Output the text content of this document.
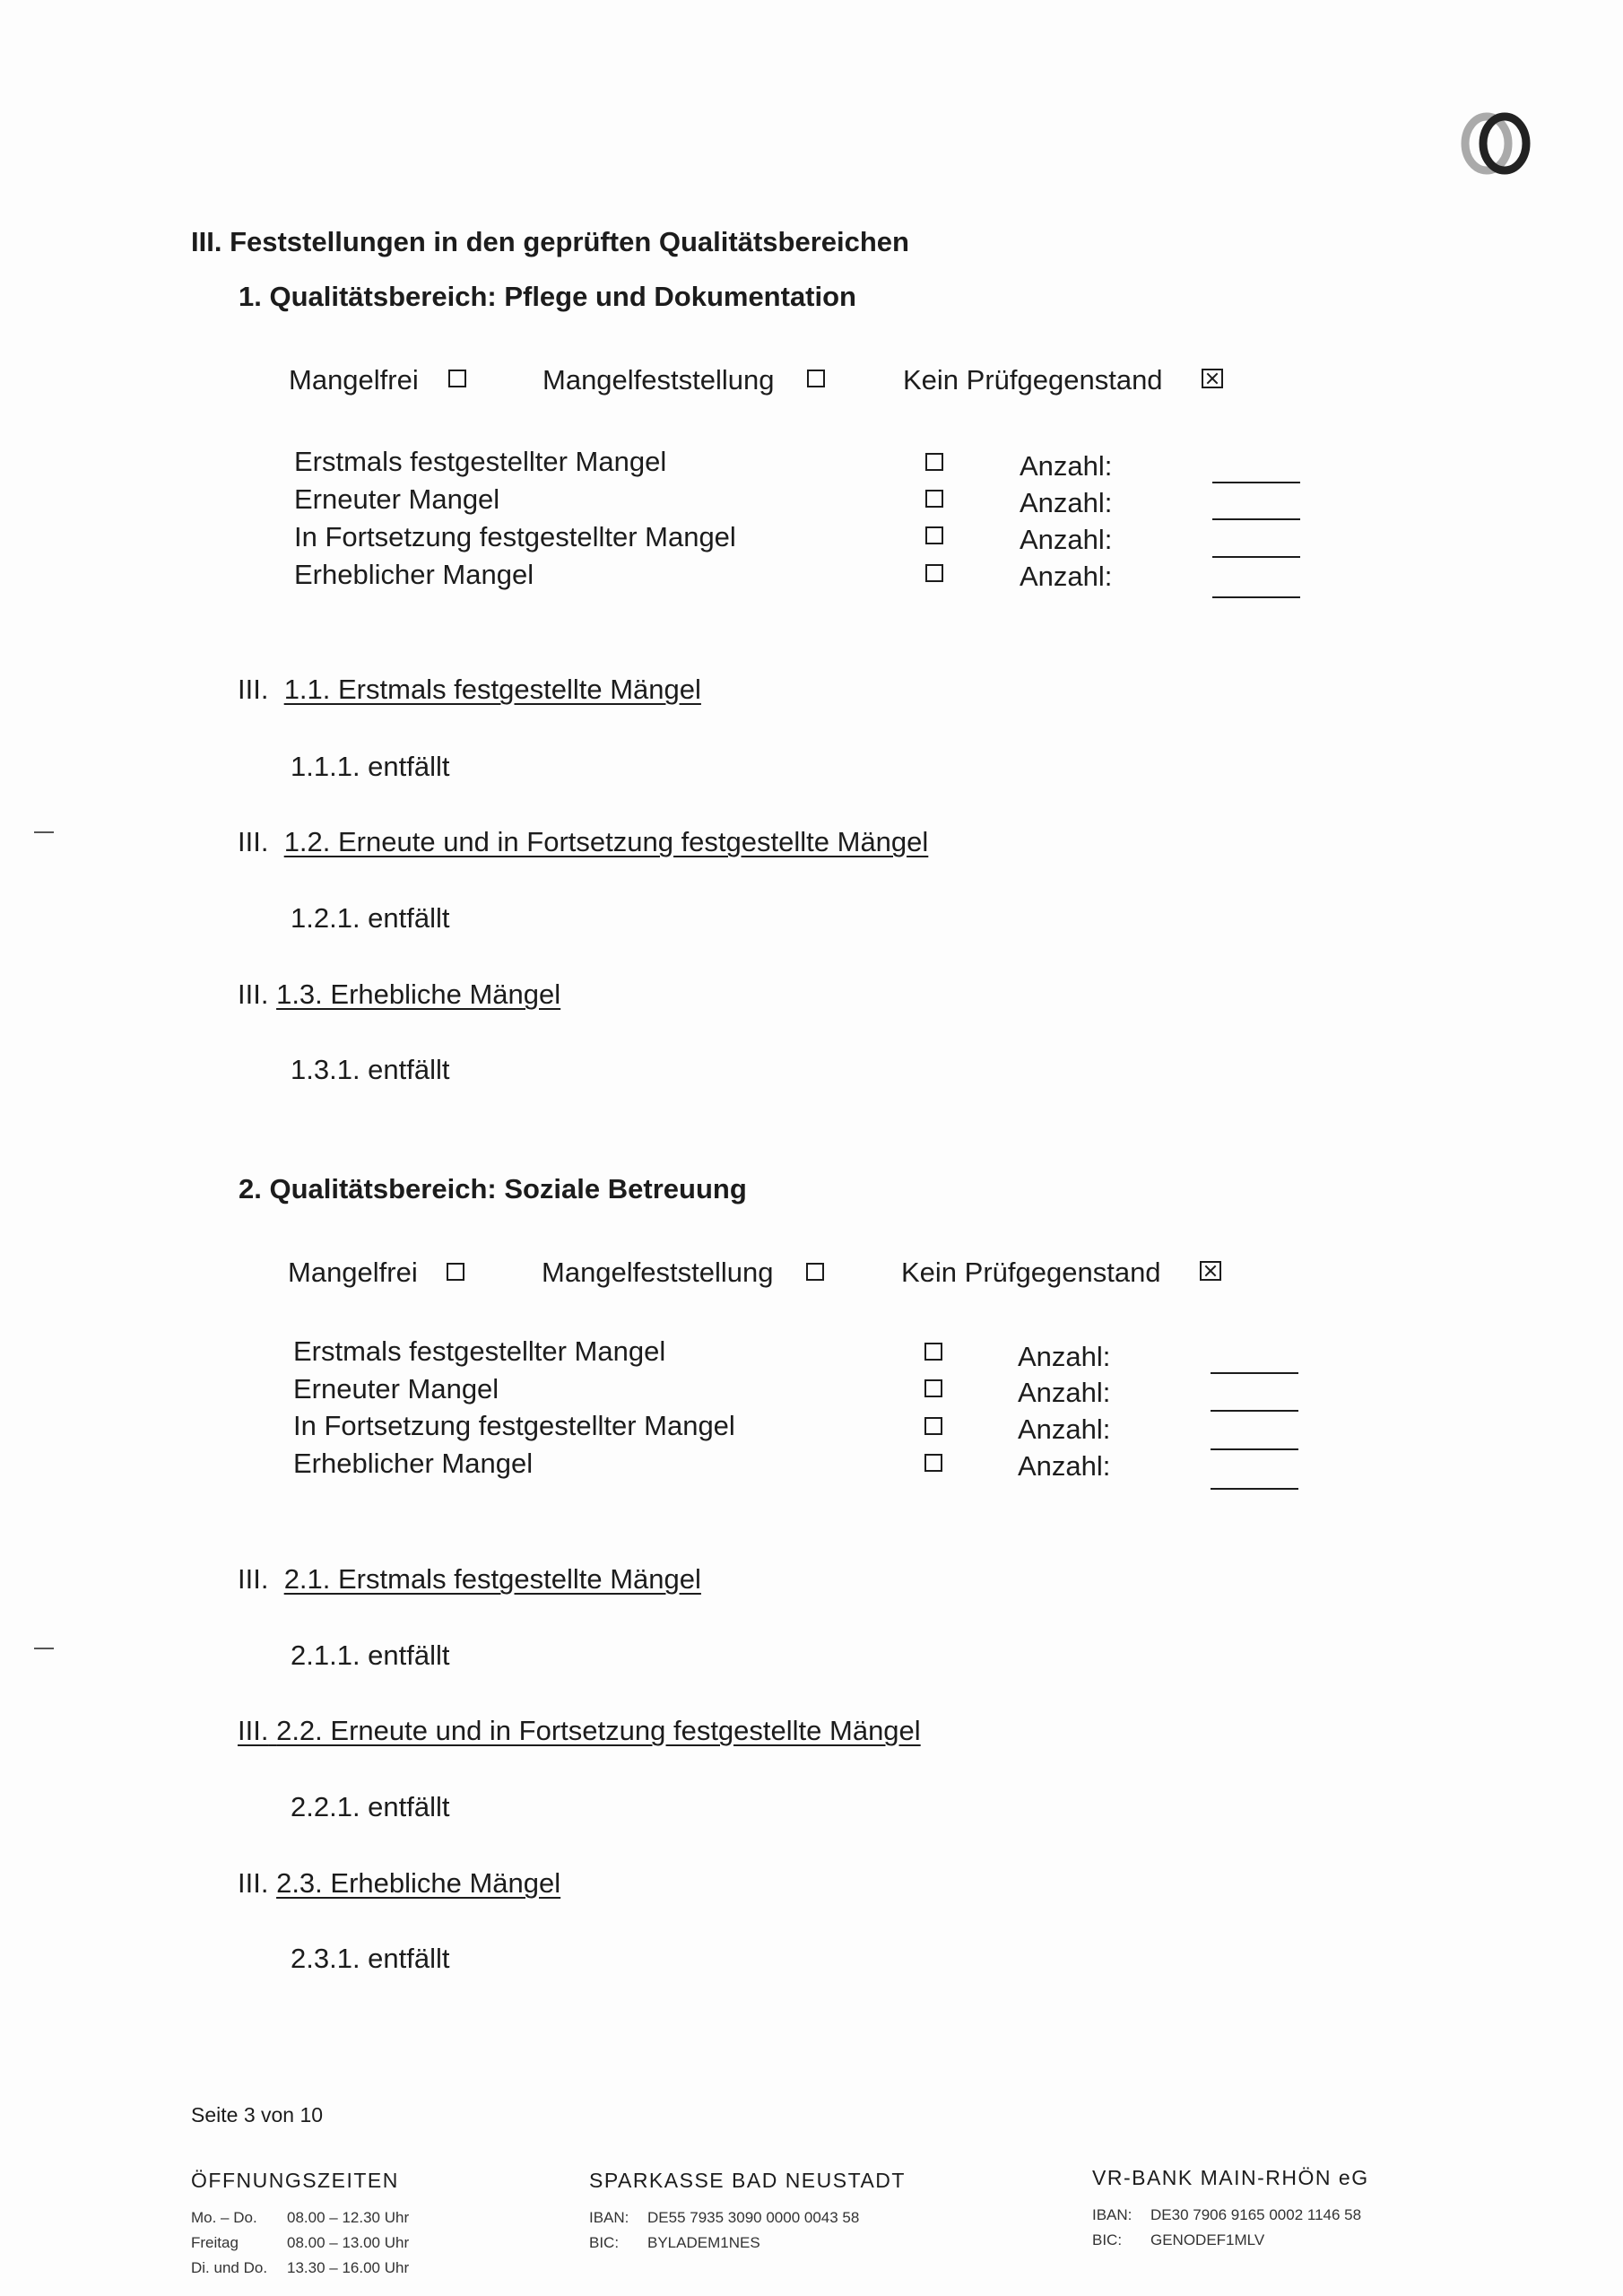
III. Feststellungen in den geprüften Qualitätsbereichen
1. Qualitätsbereich: Pflege und Dokumentation
Mangelfrei	Mangelfeststellung	Kein Prüfgegenstand
Erstmals festgestellter Mangel	Anzahl:
Erneuter Mangel	Anzahl:
In Fortsetzung festgestellter Mangel	Anzahl:
Erheblicher Mangel	Anzahl:
III. 1.1. Erstmals festgestellte Mängel
1.1.1. entfällt
III. 1.2. Erneute und in Fortsetzung festgestellte Mängel
1.2.1. entfällt
III. 1.3. Erhebliche Mängel
1.3.1. entfällt
2. Qualitätsbereich: Soziale Betreuung
Mangelfrei	Mangelfeststellung	Kein Prüfgegenstand
Erstmals festgestellter Mangel	Anzahl:
Erneuter Mangel	Anzahl:
In Fortsetzung festgestellter Mangel	Anzahl:
Erheblicher Mangel	Anzahl:
III. 2.1. Erstmals festgestellte Mängel
2.1.1. entfällt
III. 2.2. Erneute und in Fortsetzung festgestellte Mängel
2.2.1. entfällt
III. 2.3. Erhebliche Mängel
2.3.1. entfällt
Seite 3 von 10
ÖFFNUNGSZEITEN
Mo. – Do. 08.00 – 12.30 Uhr
Freitag	08.00 – 13.00 Uhr
Di. und Do. 13.30 – 16.00 Uhr
SPARKASSE BAD NEUSTADT
IBAN: DE55 7935 3090 0000 0043 58
BIC: BYLADEM1NES
VR-BANK MAIN-RHÖN eG
IBAN: DE30 7906 9165 0002 1146 58
BIC: GENODEF1MLV
